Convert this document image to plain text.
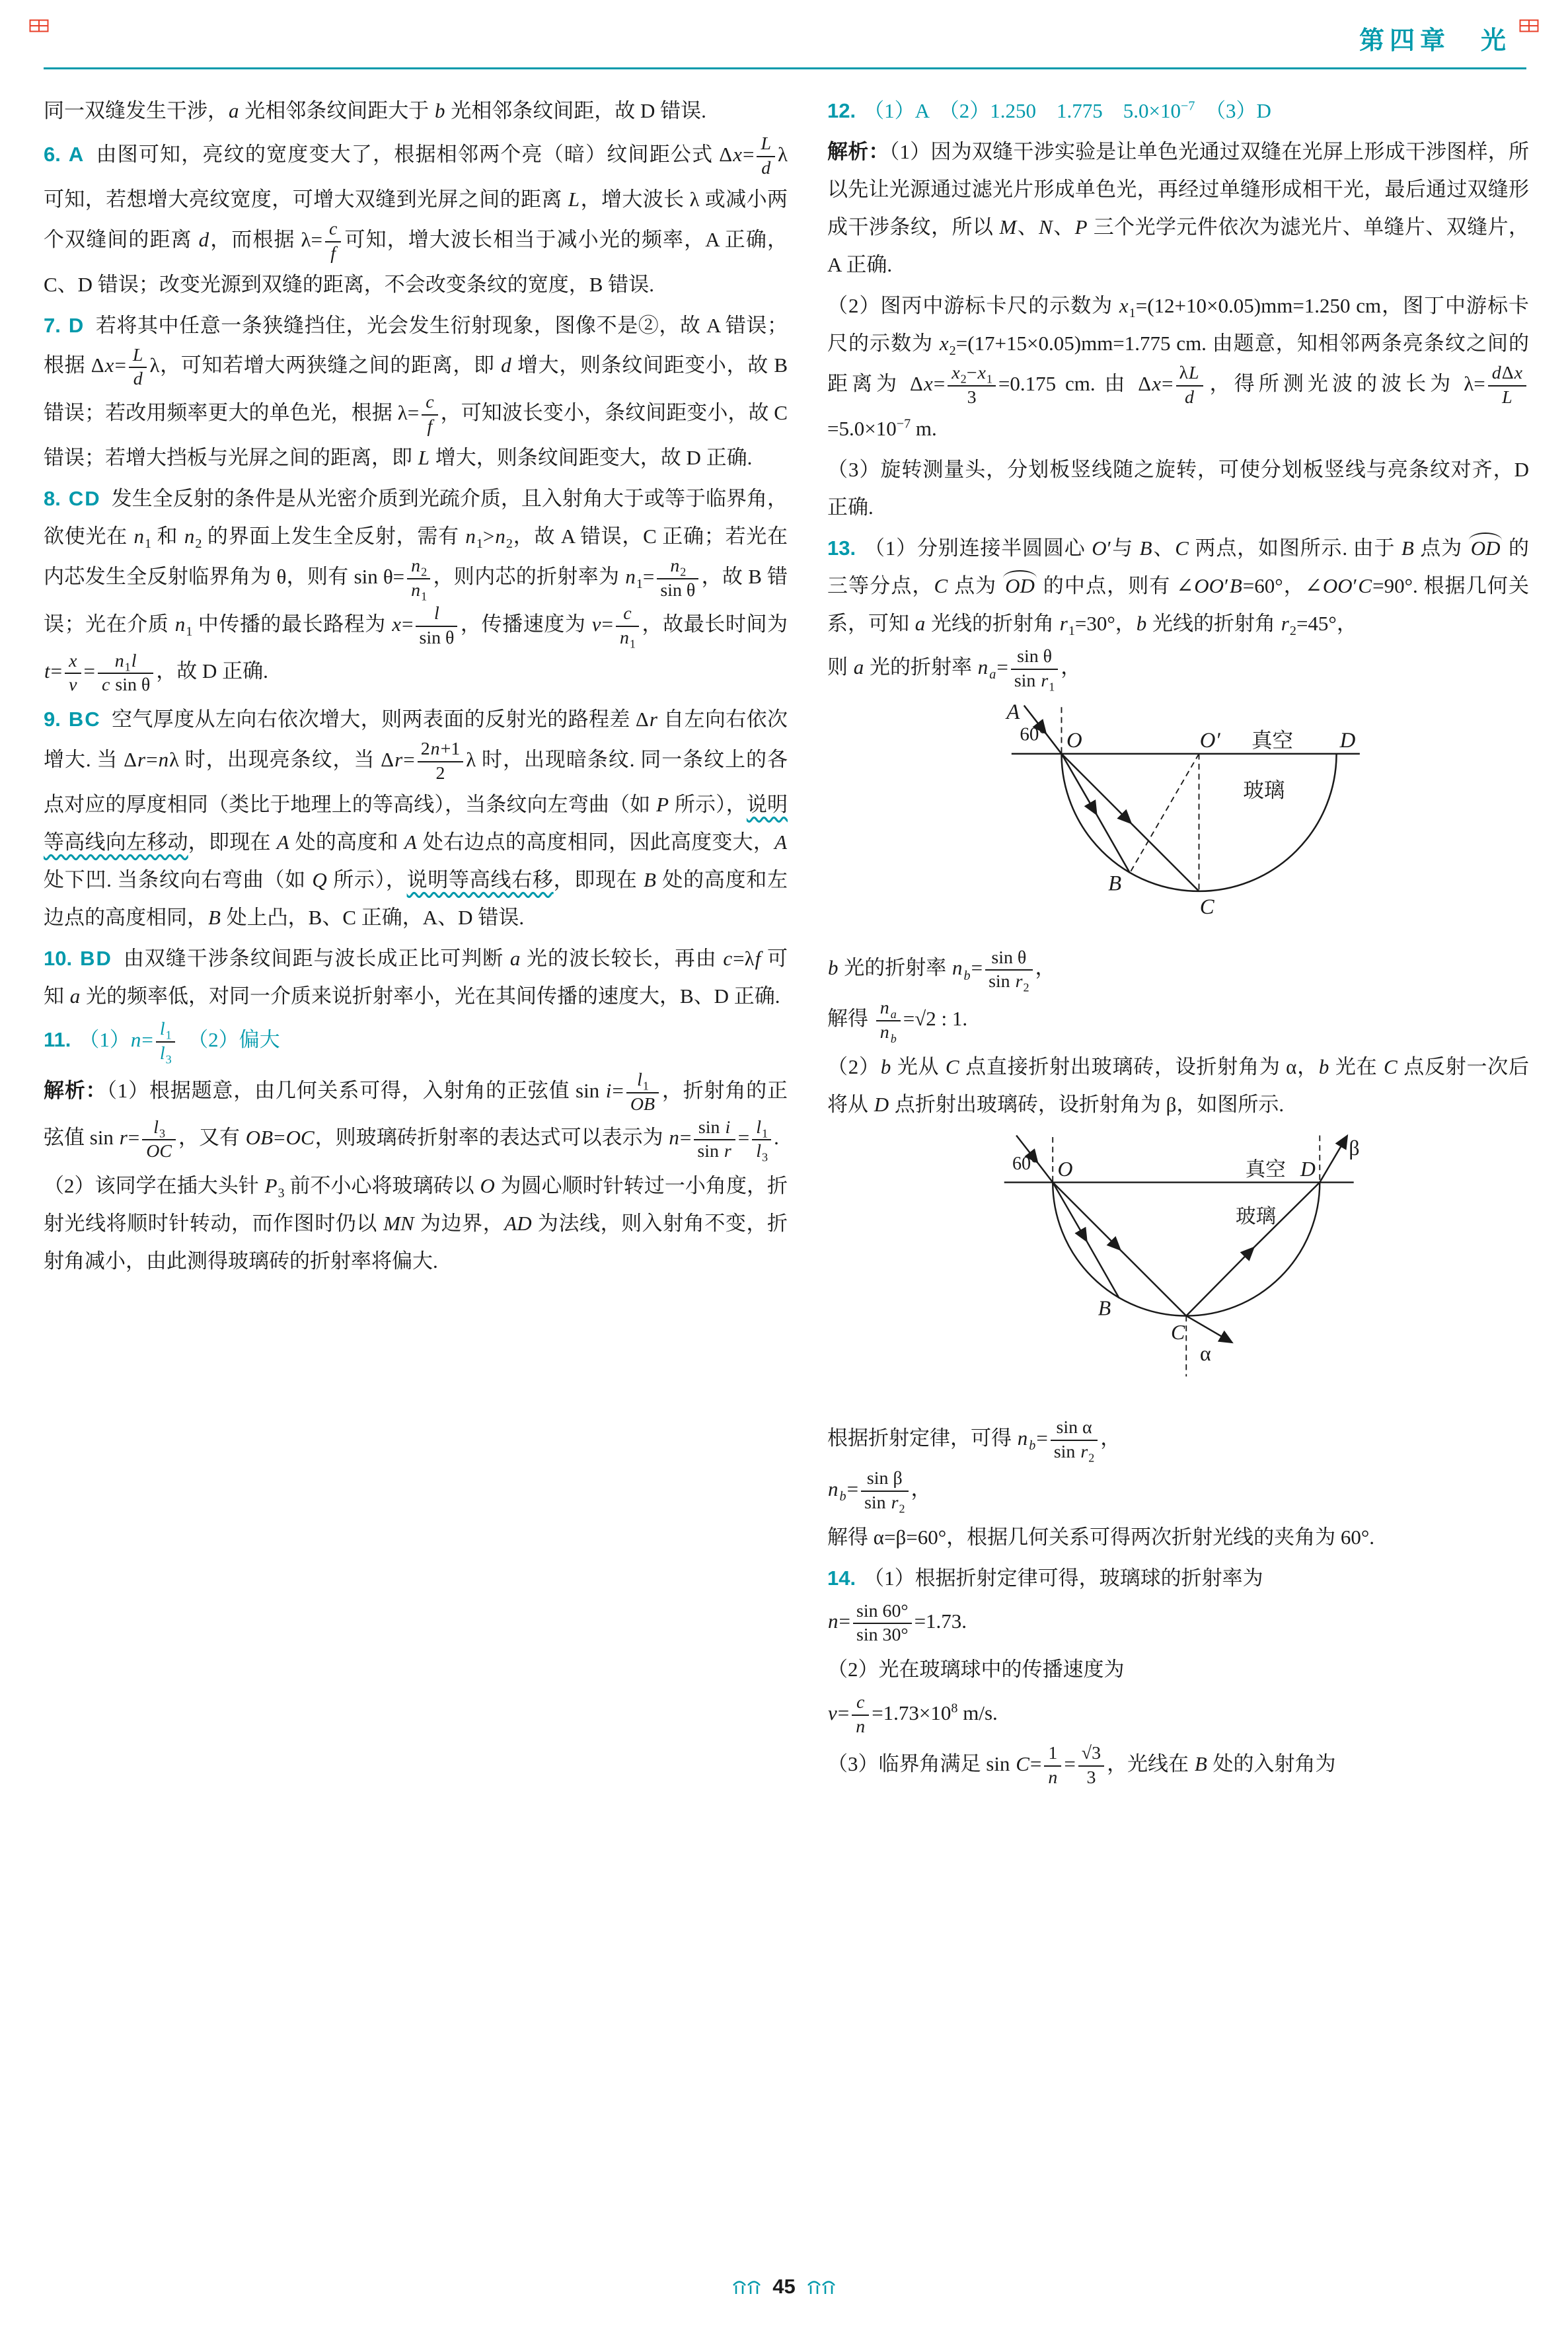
第四章　光
同一双缝发生干涉，a 光相邻条纹间距大于 b 光相邻条纹间距，故 D 错误.
6. A 由图可知，亮纹的宽度变大了，根据相邻两个亮（暗）纹间距公式 $\Delta x= \frac{L}{d}$ λ 可知，若想增大亮纹宽度，可增大双缝到光屏之间的距离 L，增大波长 λ 或减小两个双缝间的距离 d，而根据 $\lambda= \frac{c}{f}$ 可知，增大波长相当于减小光的频率，A 正确，C、D 错误；改变光源到双缝的距离，不会改变条纹的宽度，B 错误.
7. D 若将其中任意一条狭缝挡住，光会发生衍射现象，图像不是②，故 A 错误；根据 $\Delta x= \frac{L}{d}$ λ，可知若增大两狭缝之间的距离，即 d 增大，则条纹间距变小，故 B 错误；若改用频率更大的单色光，根据 $\lambda= \frac{c}{f}$ ，可知波长变小，条纹间距变小，故 C 错误；若增大挡板与光屏之间的距离，即 L 增大，则条纹间距变大，故 D 正确.
8. CD 发生全反射的条件是从光密介质到光疏介质，且入射角大于或等于临界角，欲使光在 $n_1$ 和 $n_2$ 的界面上发生全反射，需有 $n_1>n_2$，故 A 错误，C 正确；若光在内芯发生全反射临界角为 θ，则有 $\sin \theta= \frac{n_2}{n_1}$ ，则内芯的折射率为 $n_1= \frac{n_2}{\text{sin θ}}$ ，故 B 错误；光在介质 $n_1$ 中传播的最长路程为 $x= \frac{l}{\text{sin θ}}$ ，传播速度为 $v= \frac{c}{n_1}$ ，故最长时间为 $t= \frac{x}{v} = \frac{n_1l}{\text{c sin θ}}$ ，故 D 正确.
9. BC 空气厚度从左向右依次增大，则两表面的反射光的路程差 Δr 自左向右依次增大. 当 Δr=nλ 时，出现亮条纹，当 $\Delta r= \frac{2n+1}{2}$ λ 时，出现暗条纹. 同一条纹上的各点对应的厚度相同（类比于地理上的等高线），当条纹向左弯曲（如 P 所示），说明等高线向左移动，即现在 A 处的高度和 A 处右边点的高度相同，因此高度变大，A 处下凹. 当条纹向右弯曲（如 Q 所示），说明等高线右移，即现在 B 处的高度和左边点的高度相同，B 处上凸，B、C 正确，A、D 错误.
10. BD 由双缝干涉条纹间距与波长成正比可判断 a 光的波长较长，再由 c=λf 可知 a 光的频率低，对同一介质来说折射率小，光在其间传播的速度大，B、D 正确.
11. $(1)n= \frac{l_1}{l_3}$ 　（2）偏大
解析：（1）根据题意，由几何关系可得，入射角的正弦值 $\sin i= \frac{l_1}{OB}$ ，折射角的正弦值 $\sin r= \frac{l_3}{OC}$ ，又有 OB=OC，则玻璃砖折射率的表达式可以表示为 $n= \frac{\text{sin i}}{\text{sin r}} = \frac{l_1}{l_3}$ .
（2）该同学在插大头针 $P_3$ 前不小心将玻璃砖以 O 为圆心顺时针转过一小角度，折射光线将顺时针转动，而作图时仍以 MN 为边界，AD 为法线，则入射角不变，折射角减小，由此测得玻璃砖的折射率将偏大.
12. （1）A　（2）1.250　1.775　$5.0\times 10^{-7}$　（3）D
解析：（1）因为双缝干涉实验是让单色光通过双缝在光屏上形成干涉图样，所以先让光源通过滤光片形成单色光，再经过单缝形成相干光，最后通过双缝形成干涉条纹，所以 M、N、P 三个光学元件依次为滤光片、单缝片、双缝片，A 正确.
（2）图丙中游标卡尺的示数为 $x_1=(12+10\times 0.05)mm=1.250$ cm，图丁中游标卡尺的示数为 $x_2=(17+15\times 0.05)mm=1.775$ cm. 由题意，知相邻两条亮条纹之间的距离为 $\Delta x= \frac{x_2-x_1}{3} =0.175$ cm. 由 $\Delta x= \frac{\lambda L}{d}$ ，得所测光波的波长为 λ= dΔx
L
$=5.0\times 10^{-7}$ m.
（3）旋转测量头，分划板竖线随之旋转，可使分划板竖线与亮条纹对齐，D 正确.
13. （1）分别连接半圆圆心 O′与 B、C 两点，如图所示. 由于 B 点为 OD 的三等分点，C 点为 OD 的中点，则有 ∠OO′B=60°，∠OO′C=90°. 根据几何关系，可知 a 光线的折射角 $r_1=30^\circ$，b 光线的折射角 $r_2=45^\circ$，
则 a 光的折射率 $n_a= \frac{\text{sin θ}}{\sin r_1}$ ，
A
60° O	O′ 真空	D
玻璃
B
C
b 光的折射率 $n_b= \frac{\text{sin θ}}{\sin r_2}$ ，
解得 $\frac{n _a}{n _b} =√2$ : 1.
（2）b 光从 C 点直接折射出玻璃砖，设折射角为 α，b 光在 C 点反射一次后将从 D 点折射出玻璃砖，设折射角为 β，如图所示.
60° O	真空 D
β
玻璃
B
C
α
根据折射定律，可得 $n_b= \frac{\text{sin α}}{\sin r_2}$ ，
$n_b= \frac{\text{sin β}}{\sin r_2}$ ，
解得 α=β=60°，根据几何关系可得两次折射光线的夹角为 60°.
14. （1）根据折射定律可得，玻璃球的折射率为
$n= \frac{\sin 60^\circ}{\sin 30^\circ} =1.73$.
（2）光在玻璃球中的传播速度为
$v= \frac{c}{n} =1.73\times 10^8$ m/s.
（3）临界角满足 $\sin C= \frac{1}{n} = \frac{√3}{3}$ ，光线在 B 处的入射角为
45
